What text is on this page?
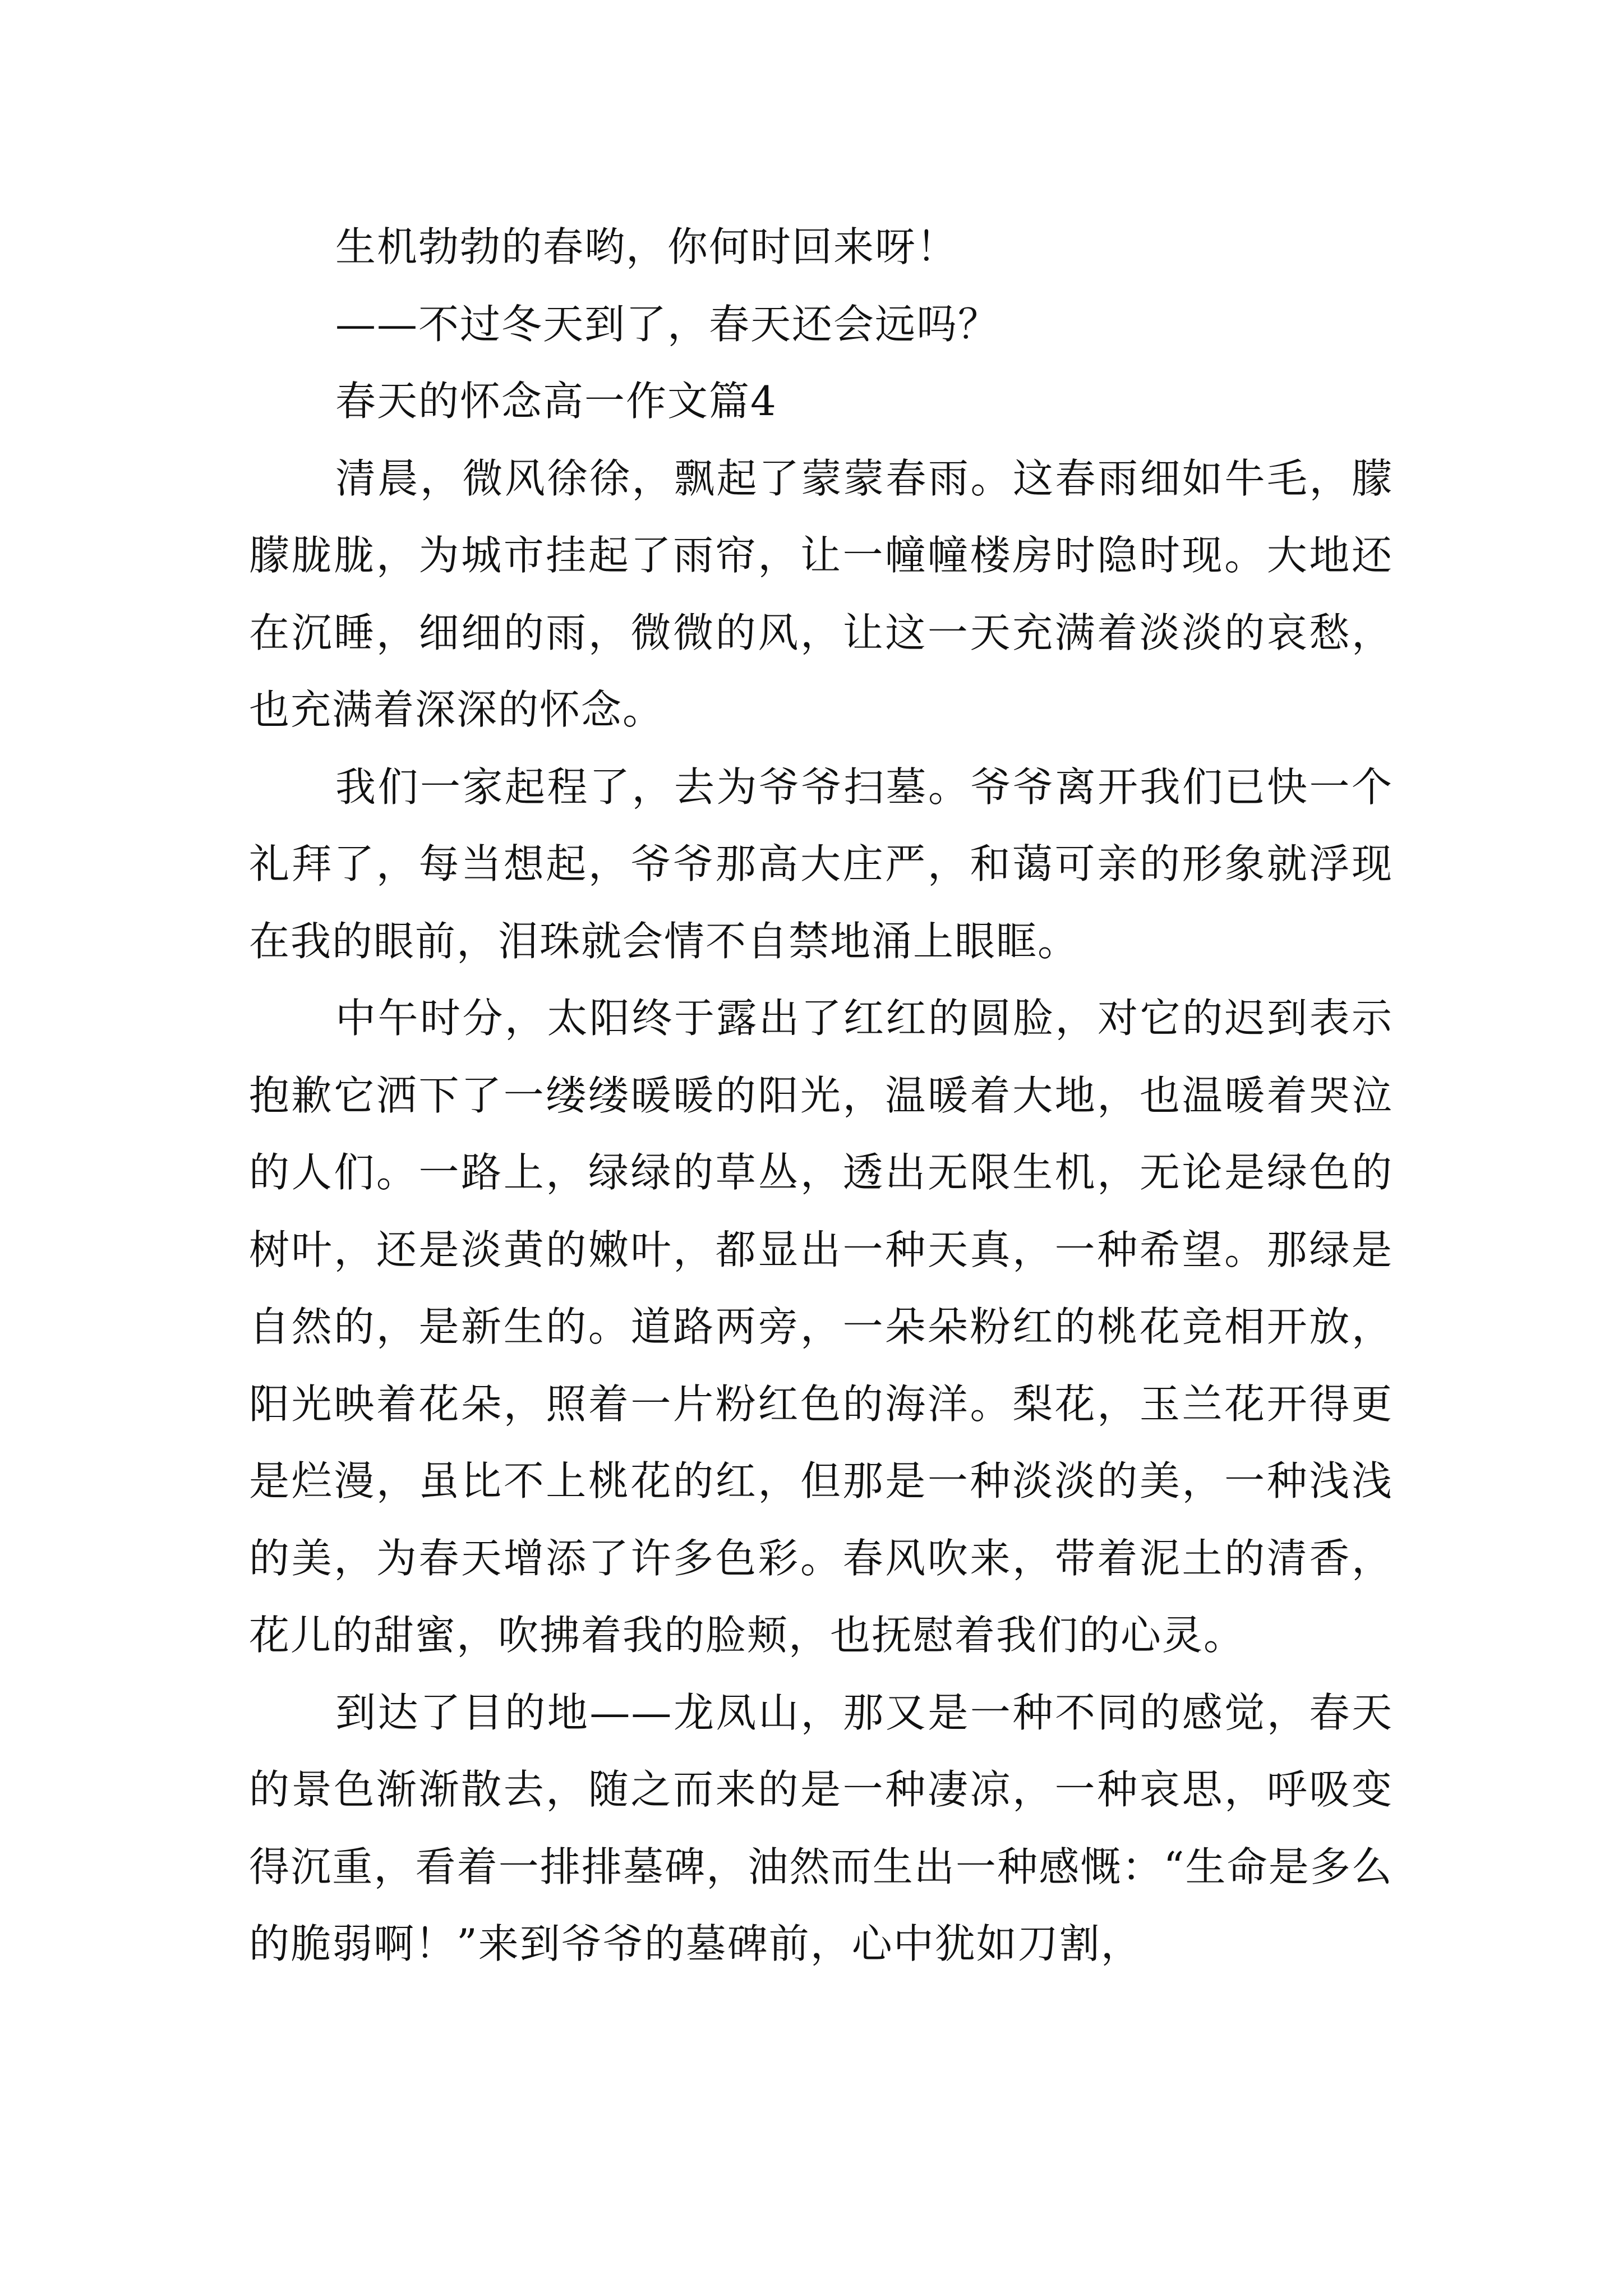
生机勃勃的春哟，你何时回来呀！

——不过冬天到了，春天还会远吗？

春天的怀念高一作文篇4

清晨，微风徐徐，飘起了蒙蒙春雨。这春雨细如牛毛，朦朦胧胧，为城市挂起了雨帘，让一幢幢楼房时隐时现。大地还在沉睡，细细的雨，微微的风，让这一天充满着淡淡的哀愁，也充满着深深的怀念。

我们一家起程了，去为爷爷扫墓。爷爷离开我们已快一个礼拜了，每当想起，爷爷那高大庄严，和蔼可亲的形象就浮现在我的眼前，泪珠就会情不自禁地涌上眼眶。

中午时分，太阳终于露出了红红的圆脸，对它的迟到表示抱歉它洒下了一缕缕暖暖的阳光，温暖着大地，也温暖着哭泣的人们。一路上，绿绿的草丛，透出无限生机，无论是绿色的树叶，还是淡黄的嫩叶，都显出一种天真，一种希望。那绿是自然的，是新生的。道路两旁，一朵朵粉红的桃花竞相开放，阳光映着花朵，照着一片粉红色的海洋。梨花，玉兰花开得更是烂漫，虽比不上桃花的红，但那是一种淡淡的美，一种浅浅的美，为春天增添了许多色彩。春风吹来，带着泥土的清香，花儿的甜蜜，吹拂着我的脸颊，也抚慰着我们的心灵。

到达了目的地——龙凤山，那又是一种不同的感觉，春天的景色渐渐散去，随之而来的是一种凄凉，一种哀思，呼吸变得沉重，看着一排排墓碑，油然而生出一种感慨：“生命是多么的脆弱啊！”来到爷爷的墓碑前，心中犹如刀割，
